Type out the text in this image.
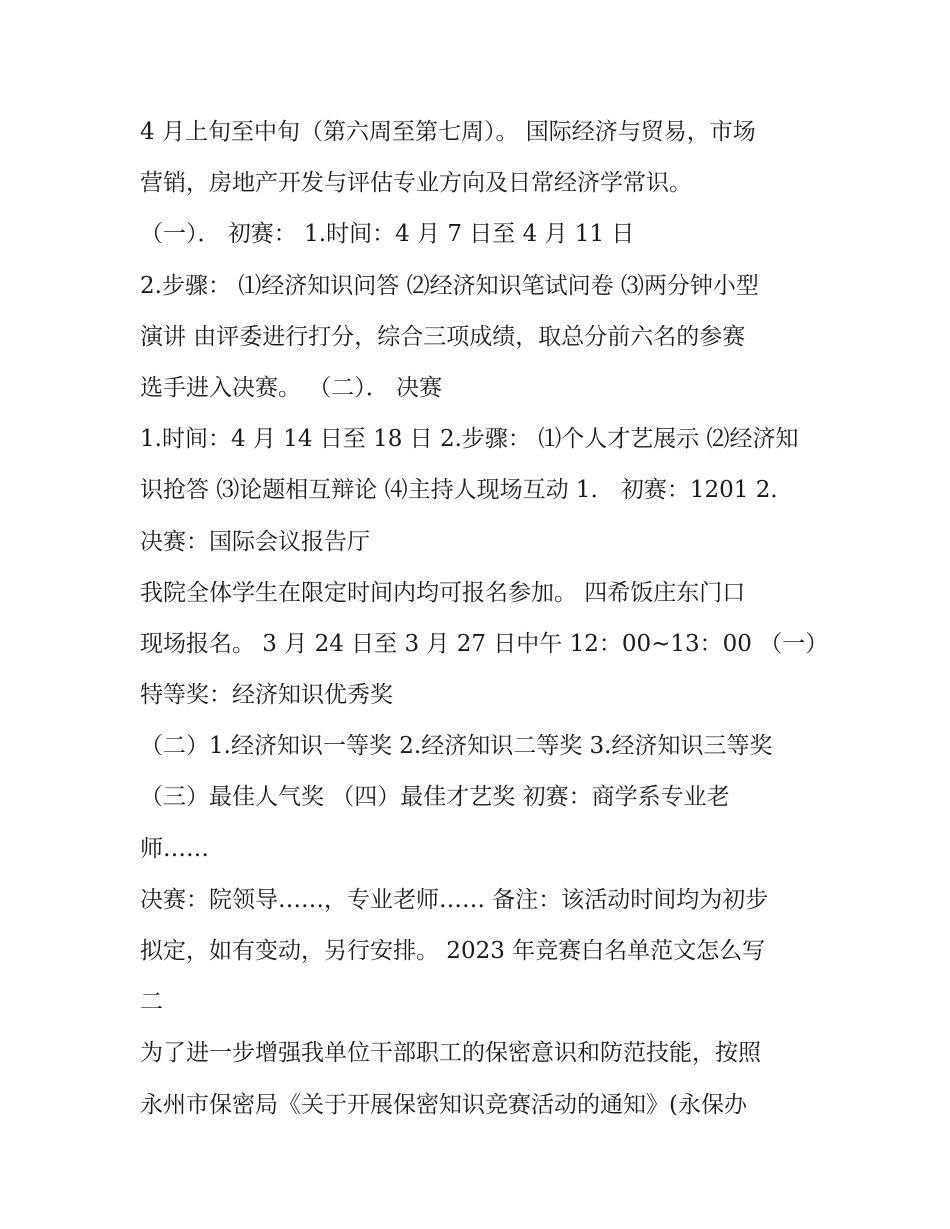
4 月上旬至中旬（第六周至第七周）。 国际经济与贸易，市场
营销，房地产开发与评估专业方向及日常经济学常识。
（一）． 初赛： 1.时间：4 月 7 日至 4 月 11 日
2.步骤： ⑴经济知识问答 ⑵经济知识笔试问卷 ⑶两分钟小型
演讲 由评委进行打分，综合三项成绩，取总分前六名的参赛
选手进入决赛。 （二）． 决赛
1.时间：4 月 14 日至 18 日 2.步骤： ⑴个人才艺展示 ⑵经济知
识抢答 ⑶论题相互辩论 ⑷主持人现场互动 1． 初赛：1201 2．
决赛：国际会议报告厅
我院全体学生在限定时间内均可报名参加。 四希饭庄东门口
现场报名。 3 月 24 日至 3 月 27 日中午 12：00~13：00 （一）
特等奖：经济知识优秀奖
（二）1.经济知识一等奖 2.经济知识二等奖 3.经济知识三等奖
（三）最佳人气奖 （四）最佳才艺奖 初赛：商学系专业老
师……
决赛：院领导……，专业老师…… 备注：该活动时间均为初步
拟定，如有变动，另行安排。 2023 年竞赛白名单范文怎么写
二
为了进一步增强我单位干部职工的保密意识和防范技能，按照
永州市保密局《关于开展保密知识竞赛活动的通知》(永保办
